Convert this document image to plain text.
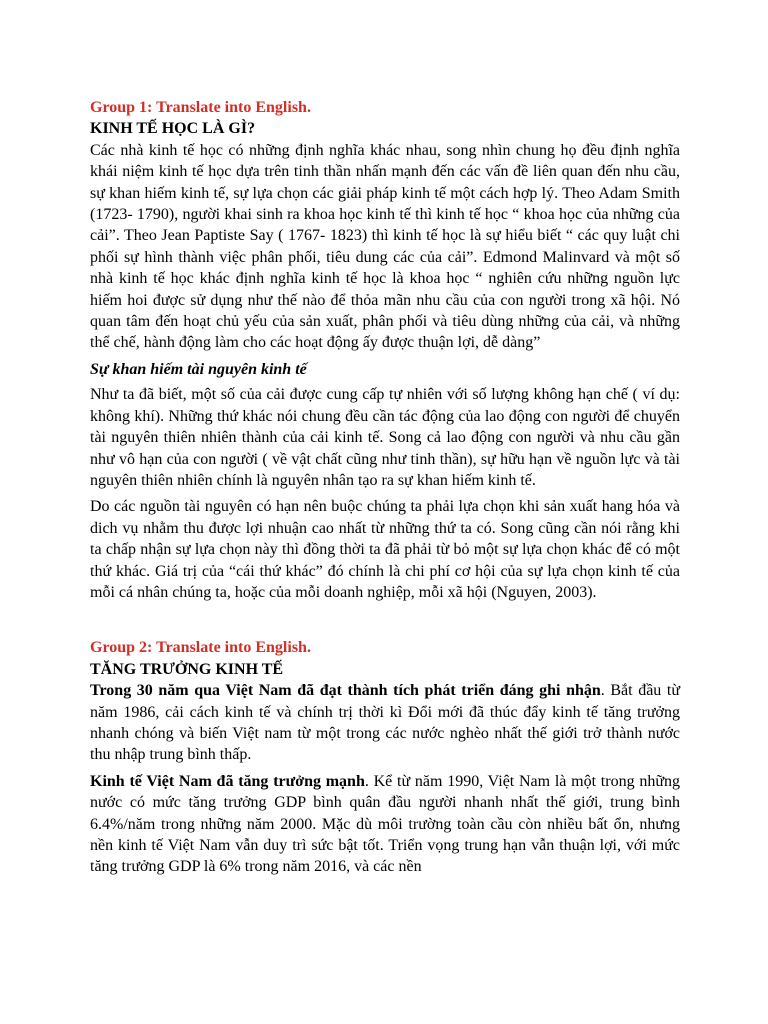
Group 1: Translate into English.
KINH TẾ HỌC LÀ GÌ?

Các nhà kinh tế học có những định nghĩa khác nhau, song nhìn chung họ đều định nghĩa khái niệm kinh tế học dựa trên tinh thần nhấn mạnh đến các vấn đề liên quan đến nhu cầu, sự khan hiếm kinh tế, sự lựa chọn các giải pháp kinh tế một cách hợp lý. Theo Adam Smith (1723- 1790), người khai sinh ra khoa học kinh tế thì kinh tế học “ khoa học của những của cải”. Theo Jean Paptiste Say ( 1767- 1823) thì kinh tế học là sự hiểu biết “ các quy luật chi phối sự hình thành việc phân phối, tiêu dung các của cải”. Edmond Malinvard và một số nhà kinh tế học khác định nghĩa kinh tế học là khoa học “ nghiên cứu những nguồn lực hiếm hoi được sử dụng như thế nào để thỏa mãn nhu cầu của con người trong xã hội. Nó quan tâm đến hoạt chủ yếu của sản xuất, phân phối và tiêu dùng những của cải, và những thể chế, hành động làm cho các hoạt động ấy được thuận lợi, dễ dàng”

Sự khan hiếm tài nguyên kinh tế

Như ta đã biết, một số của cải được cung cấp tự nhiên với số lượng không hạn chế ( ví dụ: không khí). Những thứ khác nói chung đều cần tác động của lao động con người để chuyển tài nguyên thiên nhiên thành của cải kinh tế. Song cả lao động con người và nhu cầu gần như vô hạn của con người ( về vật chất cũng như tinh thần), sự hữu hạn về nguồn lực và tài nguyên thiên nhiên chính là nguyên nhân tạo ra sự khan hiếm kinh tế.

Do các nguồn tài nguyên có hạn nên buộc chúng ta phải lựa chọn khi sản xuất hang hóa và dich vụ nhằm thu được lợi nhuận cao nhất từ những thứ ta có. Song cũng cần nói rằng khi ta chấp nhận sự lựa chọn này thì đồng thời ta đã phải từ bỏ một sự lựa chọn khác để có một thứ khác. Giá trị của “cái thứ khác” đó chính là chi phí cơ hội của sự lựa chọn kinh tế của mỗi cá nhân chúng ta, hoặc của mỗi doanh nghiệp, mỗi xã hội (Nguyen, 2003).

Group 2: Translate into English.
TĂNG TRƯỞNG KINH TẾ

Trong 30 năm qua Việt Nam đã đạt thành tích phát triển đáng ghi nhận. Bắt đầu từ năm 1986, cải cách kinh tế và chính trị thời kì Đổi mới đã thúc đẩy kinh tế tăng trưởng nhanh chóng và biến Việt nam từ một trong các nước nghèo nhất thế giới trở thành nước thu nhập trung bình thấp.

Kinh tế Việt Nam đã tăng trưởng mạnh. Kể từ năm 1990, Việt Nam là một trong những nước có mức tăng trưởng GDP bình quân đầu người nhanh nhất thế giới, trung bình 6.4%/năm trong những năm 2000. Mặc dù môi trường toàn cầu còn nhiều bất ổn, nhưng nền kinh tế Việt Nam vẫn duy trì sức bật tốt. Triển vọng trung hạn vẫn thuận lợi, với mức tăng trưởng GDP là 6% trong năm 2016, và các nền
